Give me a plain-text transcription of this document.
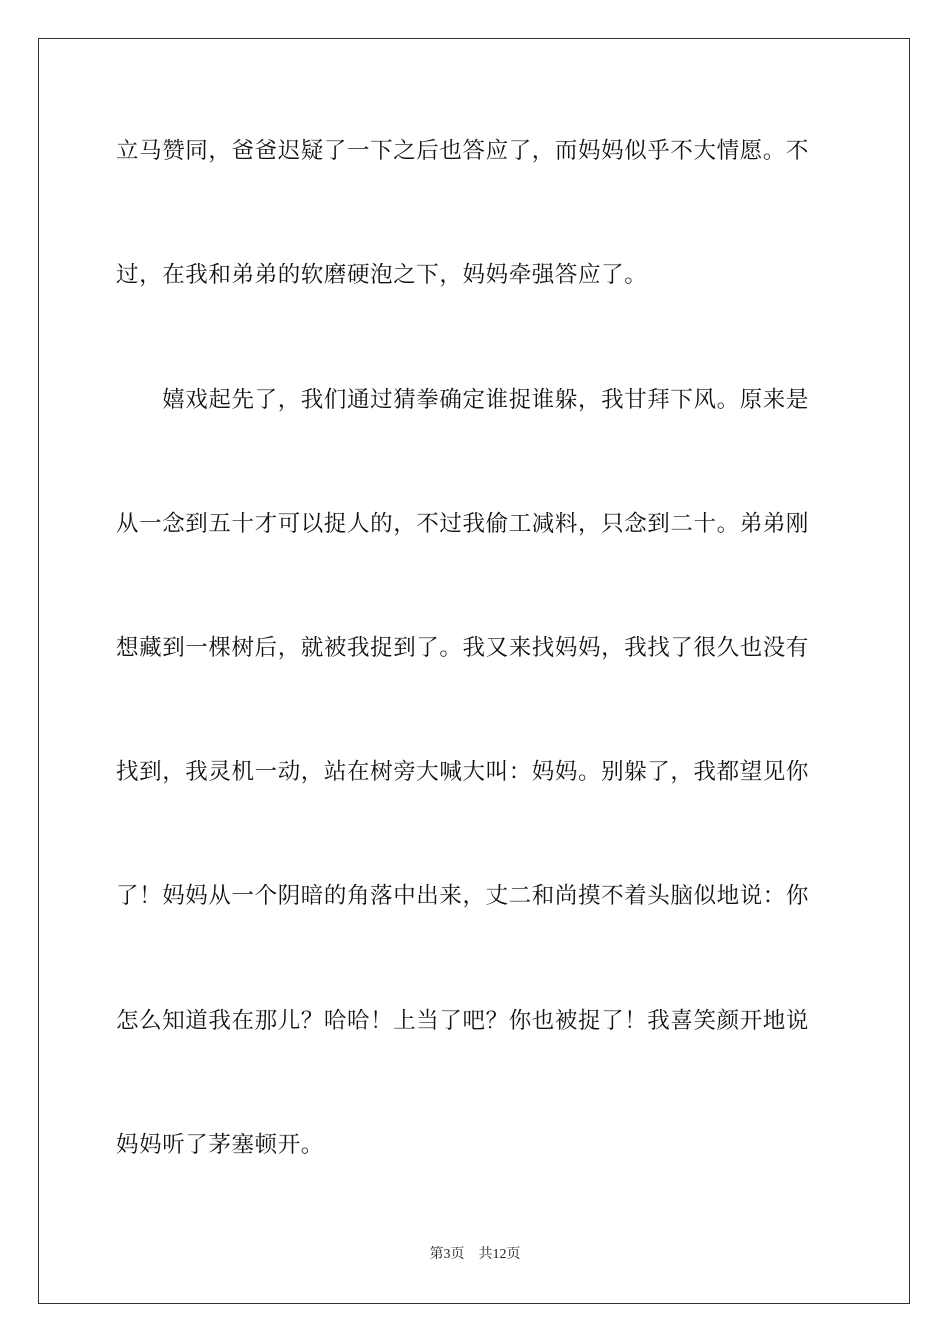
立马赞同，爸爸迟疑了一下之后也答应了，而妈妈似乎不大情愿。不
过，在我和弟弟的软磨硬泡之下，妈妈牵强答应了。
　　嬉戏起先了，我们通过猜拳确定谁捉谁躲，我甘拜下风。原来是
从一念到五十才可以捉人的，不过我偷工减料，只念到二十。弟弟刚
想藏到一棵树后，就被我捉到了。我又来找妈妈，我找了很久也没有
找到，我灵机一动，站在树旁大喊大叫：妈妈。别躲了，我都望见你
了！妈妈从一个阴暗的角落中出来，丈二和尚摸不着头脑似地说：你
怎么知道我在那儿？哈哈！上当了吧？你也被捉了！我喜笑颜开地说
妈妈听了茅塞顿开。
第3页 共12页
